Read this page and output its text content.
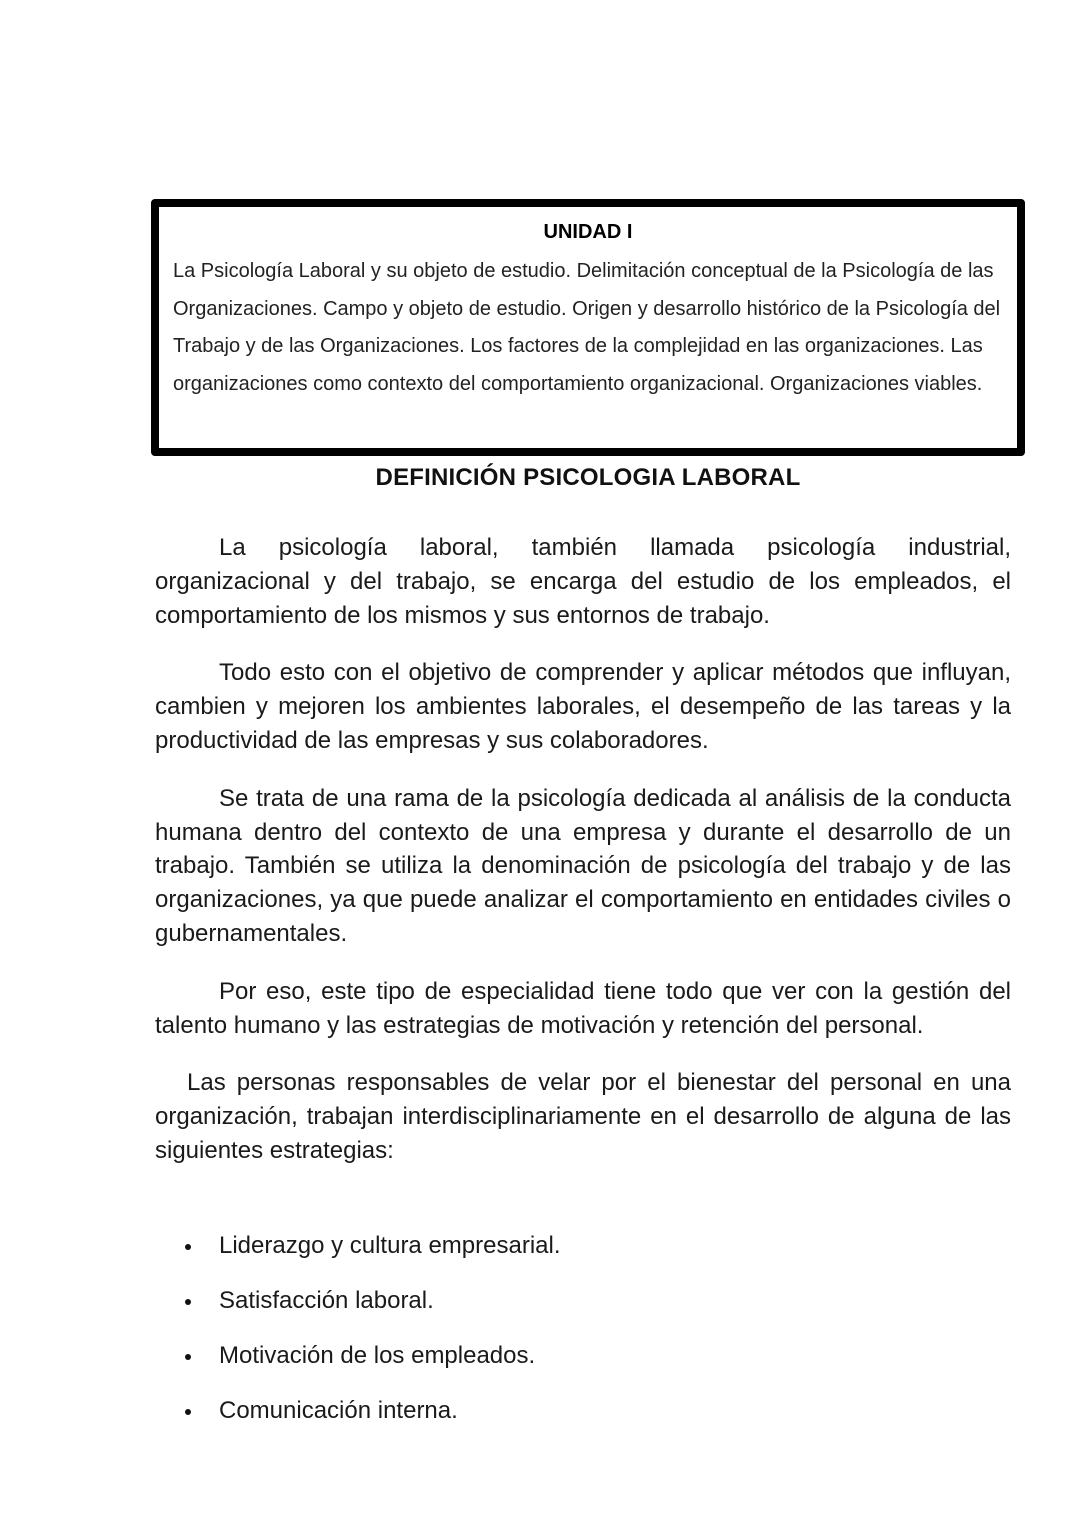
UNIDAD I
La Psicología Laboral y su objeto de estudio. Delimitación conceptual de la Psicología de las Organizaciones. Campo y objeto de estudio. Origen y desarrollo histórico de la Psicología del Trabajo y de las Organizaciones. Los factores de la complejidad en las organizaciones. Las organizaciones como contexto del comportamiento organizacional. Organizaciones viables.
DEFINICIÓN PSICOLOGIA LABORAL

La psicología laboral, también llamada psicología industrial, organizacional y del trabajo, se encarga del estudio de los empleados, el comportamiento de los mismos y sus entornos de trabajo.

Todo esto con el objetivo de comprender y aplicar métodos que influyan, cambien y mejoren los ambientes laborales, el desempeño de las tareas y la productividad de las empresas y sus colaboradores.

Se trata de una rama de la psicología dedicada al análisis de la conducta humana dentro del contexto de una empresa y durante el desarrollo de un trabajo. También se utiliza la denominación de psicología del trabajo y de las organizaciones, ya que puede analizar el comportamiento en entidades civiles o gubernamentales.

Por eso, este tipo de especialidad tiene todo que ver con la gestión del talento humano y las estrategias de motivación y retención del personal.

Las personas responsables de velar por el bienestar del personal en una organización, trabajan interdisciplinariamente en el desarrollo de alguna de las siguientes estrategias:

Liderazgo y cultura empresarial.
Satisfacción laboral.
Motivación de los empleados.
Comunicación interna.
